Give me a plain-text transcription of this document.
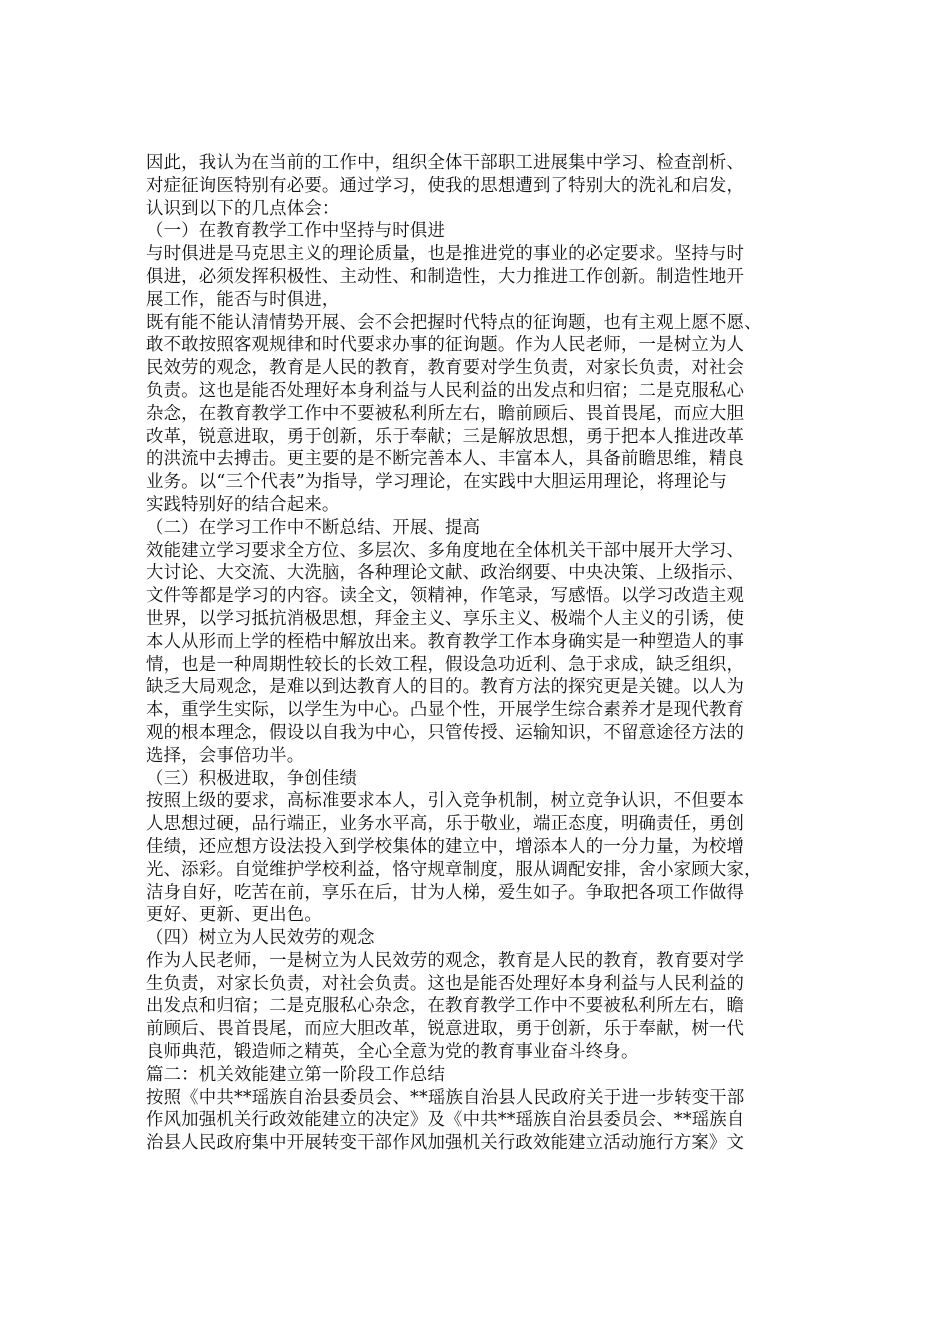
因此，我认为在当前的工作中，组织全体干部职工进展集中学习、检查剖析、
对症征询医特别有必要。通过学习，使我的思想遭到了特别大的洗礼和启发，
认识到以下的几点体会：
（一）在教育教学工作中坚持与时俱进
与时俱进是马克思主义的理论质量，也是推进党的事业的必定要求。坚持与时
俱进，必须发挥积极性、主动性、和制造性，大力推进工作创新。制造性地开
展工作，能否与时俱进，
既有能不能认清情势开展、会不会把握时代特点的征询题，也有主观上愿不愿、
敢不敢按照客观规律和时代要求办事的征询题。作为人民老师，一是树立为人
民效劳的观念，教育是人民的教育，教育要对学生负责，对家长负责，对社会
负责。这也是能否处理好本身利益与人民利益的出发点和归宿；二是克服私心
杂念，在教育教学工作中不要被私利所左右，瞻前顾后、畏首畏尾，而应大胆
改革，锐意进取，勇于创新，乐于奉献；三是解放思想，勇于把本人推进改革
的洪流中去搏击。更主要的是不断完善本人、丰富本人，具备前瞻思维，精良
业务。以“三个代表”为指导，学习理论，在实践中大胆运用理论，将理论与
实践特别好的结合起来。
（二）在学习工作中不断总结、开展、提高
效能建立学习要求全方位、多层次、多角度地在全体机关干部中展开大学习、
大讨论、大交流、大洗脑，各种理论文献、政治纲要、中央决策、上级指示、
文件等都是学习的内容。读全文，领精神，作笔录，写感悟。以学习改造主观
世界，以学习抵抗消极思想，拜金主义、享乐主义、极端个人主义的引诱，使
本人从形而上学的桎梏中解放出来。教育教学工作本身确实是一种塑造人的事
情，也是一种周期性较长的长效工程，假设急功近利、急于求成，缺乏组织，
缺乏大局观念，是难以到达教育人的目的。教育方法的探究更是关键。以人为
本，重学生实际，以学生为中心。凸显个性，开展学生综合素养才是现代教育
观的根本理念，假设以自我为中心，只管传授、运输知识，不留意途径方法的
选择，会事倍功半。
（三）积极进取，争创佳绩
按照上级的要求，高标准要求本人，引入竞争机制，树立竞争认识，不但要本
人思想过硬，品行端正，业务水平高，乐于敬业，端正态度，明确责任，勇创
佳绩，还应想方设法投入到学校集体的建立中，增添本人的一分力量，为校增
光、添彩。自觉维护学校利益，恪守规章制度，服从调配安排，舍小家顾大家，
洁身自好，吃苦在前，享乐在后，甘为人梯，爱生如子。争取把各项工作做得
更好、更新、更出色。
（四）树立为人民效劳的观念
作为人民老师，一是树立为人民效劳的观念，教育是人民的教育，教育要对学
生负责，对家长负责，对社会负责。这也是能否处理好本身利益与人民利益的
出发点和归宿；二是克服私心杂念，在教育教学工作中不要被私利所左右，瞻
前顾后、畏首畏尾，而应大胆改革，锐意进取，勇于创新，乐于奉献，树一代
良师典范，锻造师之精英，全心全意为党的教育事业奋斗终身。
篇二：机关效能建立第一阶段工作总结
按照《中共**瑶族自治县委员会、**瑶族自治县人民政府关于进一步转变干部
作风加强机关行政效能建立的决定》及《中共**瑶族自治县委员会、**瑶族自
治县人民政府集中开展转变干部作风加强机关行政效能建立活动施行方案》文
